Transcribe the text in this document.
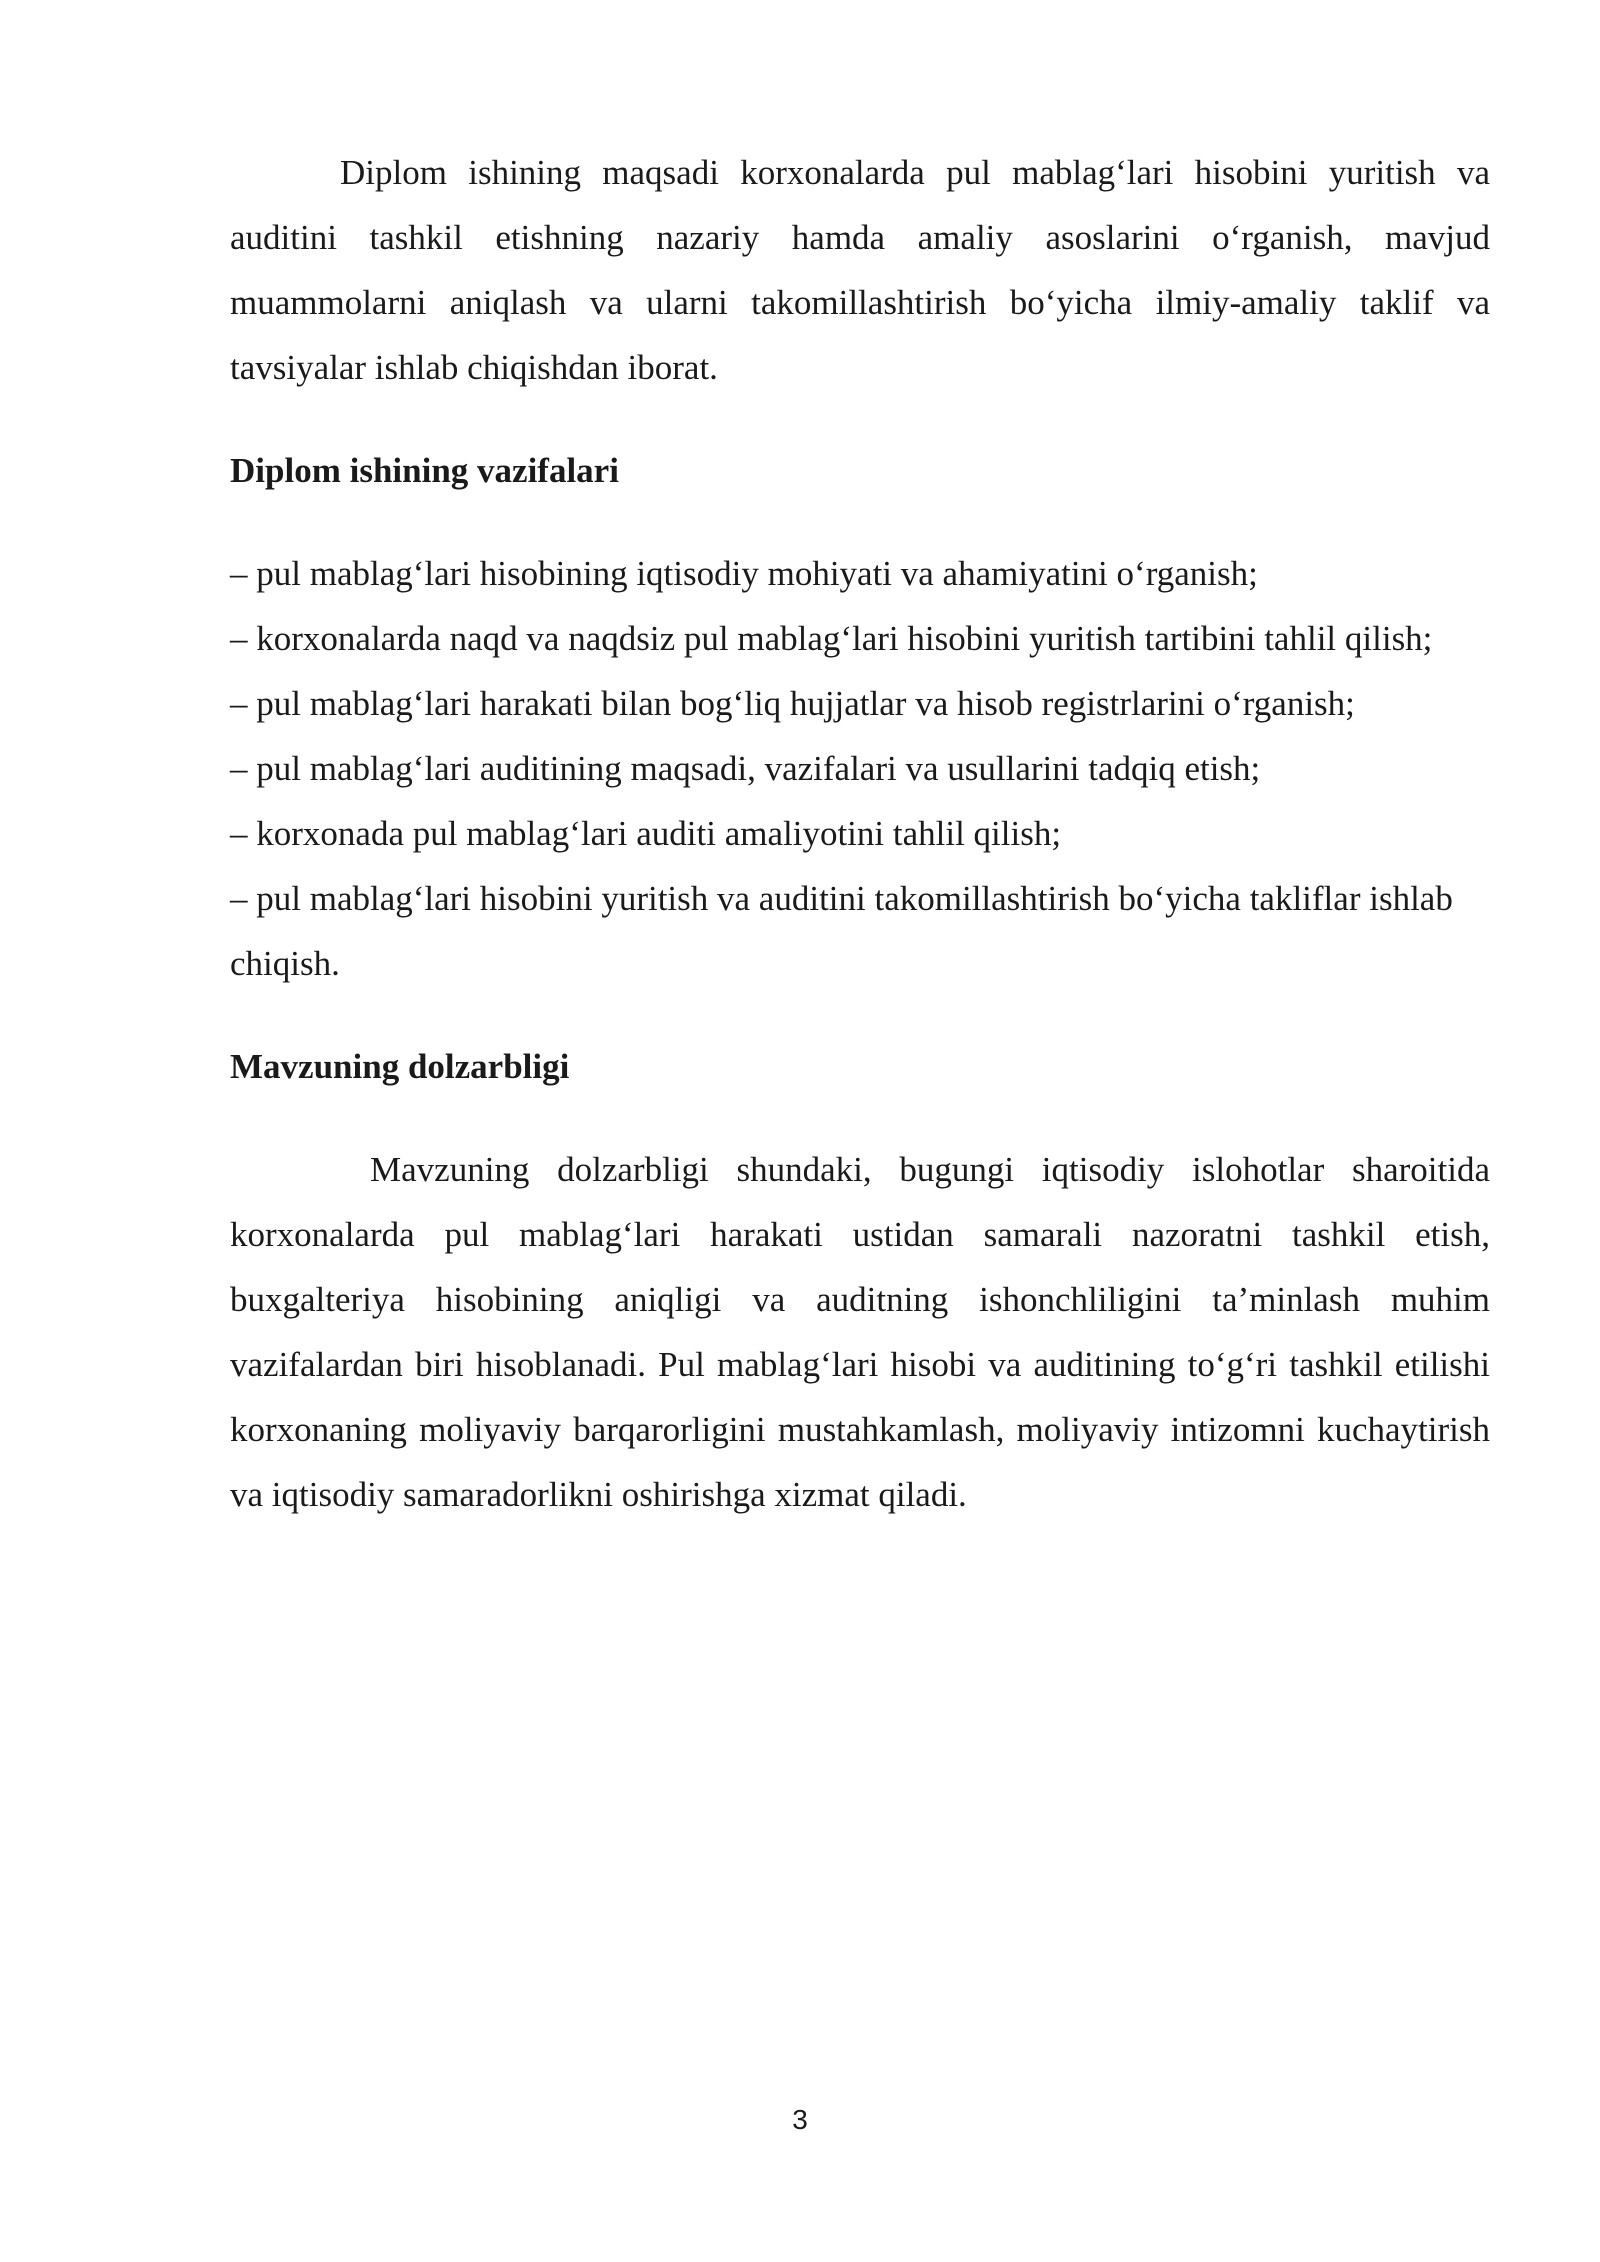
Diplom ishining maqsadi korxonalarda pul mablag‘lari hisobini yuritish va auditini tashkil etishning nazariy hamda amaliy asoslarini o‘rganish, mavjud muammolarni aniqlash va ularni takomillashtirish bo‘yicha ilmiy-amaliy taklif va tavsiyalar ishlab chiqishdan iborat.

Diplom ishining vazifalari
– pul mablag‘lari hisobining iqtisodiy mohiyati va ahamiyatini o‘rganish;
– korxonalarda naqd va naqdsiz pul mablag‘lari hisobini yuritish tartibini tahlil qilish;
– pul mablag‘lari harakati bilan bog‘liq hujjatlar va hisob registrlarini o‘rganish;
– pul mablag‘lari auditining maqsadi, vazifalari va usullarini tadqiq etish;
– korxonada pul mablag‘lari auditi amaliyotini tahlil qilish;
– pul mablag‘lari hisobini yuritish va auditini takomillashtirish bo‘yicha takliflar ishlab chiqish.
Mavzuning dolzarbligi

Mavzuning dolzarbligi shundaki, bugungi iqtisodiy islohotlar sharoitida korxonalarda pul mablag‘lari harakati ustidan samarali nazoratni tashkil etish, buxgalteriya hisobining aniqligi va auditning ishonchliligini ta’minlash muhim vazifalardan biri hisoblanadi. Pul mablag‘lari hisobi va auditining to‘g‘ri tashkil etilishi korxonaning moliyaviy barqarorligini mustahkamlash, moliyaviy intizomni kuchaytirish va iqtisodiy samaradorlikni oshirishga xizmat qiladi.

3
